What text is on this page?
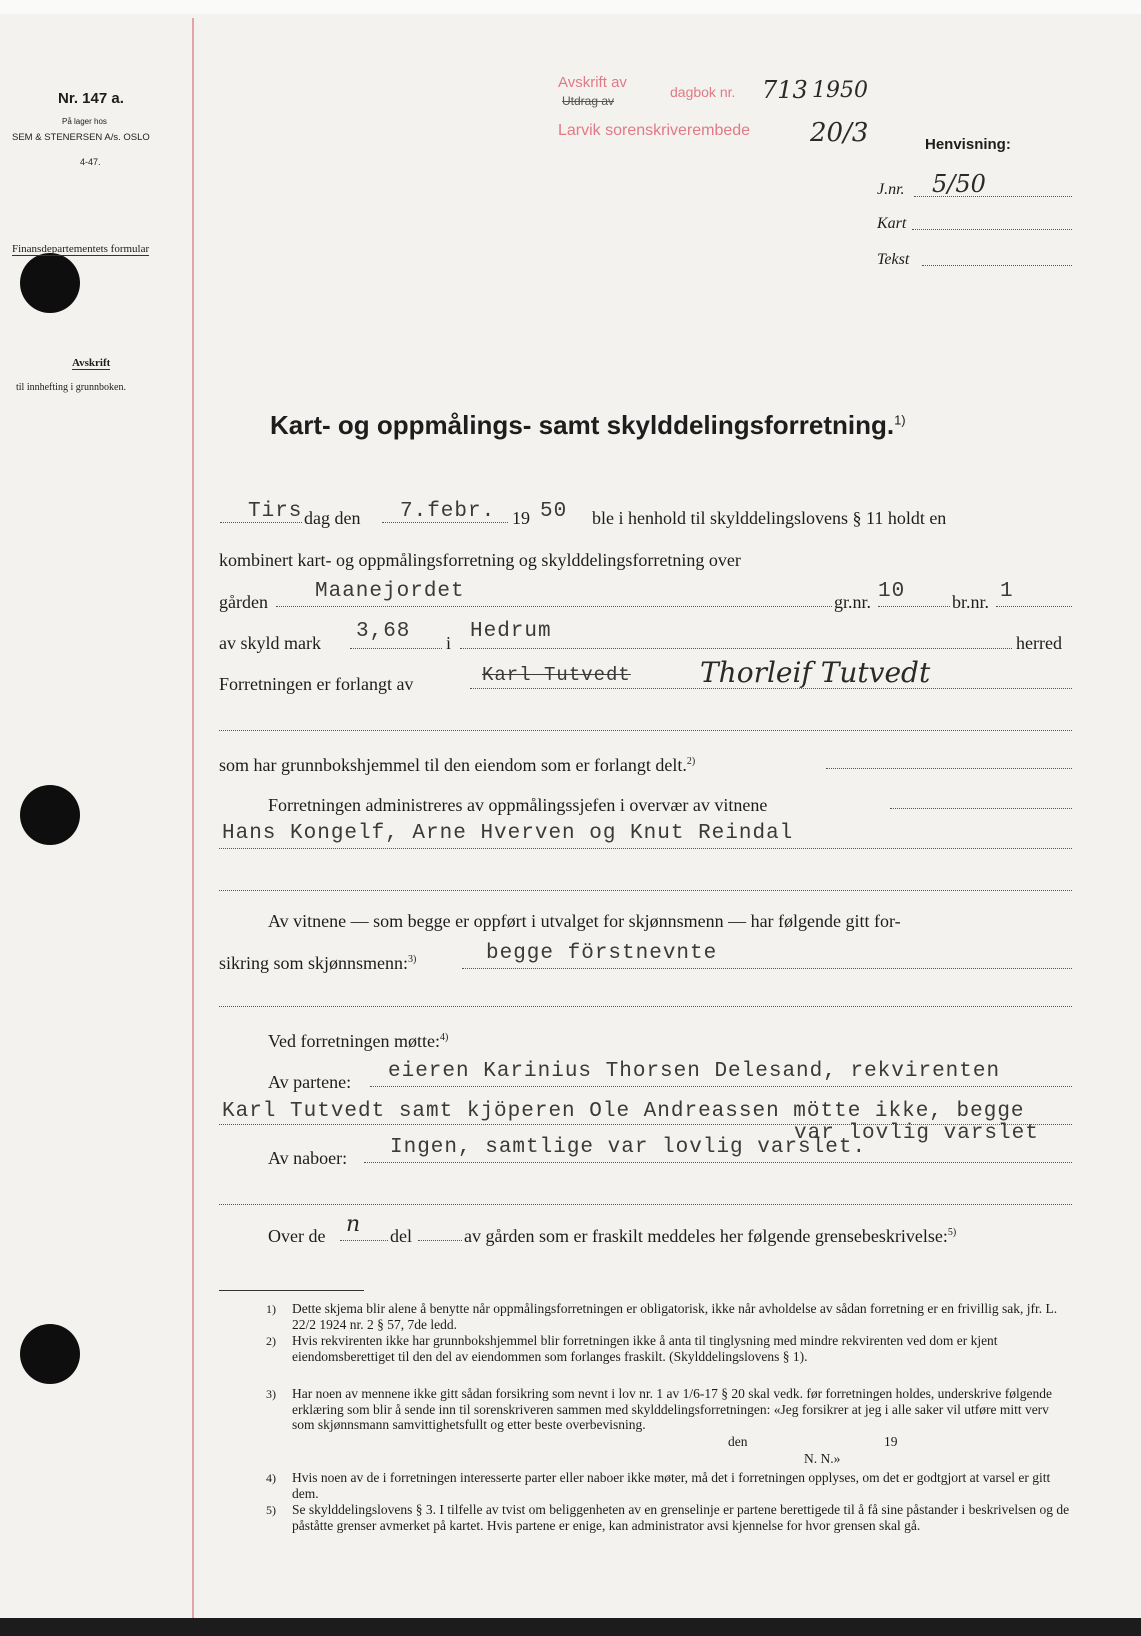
Nr. 147 a.
På lager hos
SEM & STENERSEN A/s. OSLO
4-47.
Finansdepartementets formular
Avskrift
til innhefting i grunnboken.
Avskrift av
Utdrag av
dagbok nr. 713 1950
Larvik sorenskriverembede 20/3	Henvisning:
J.nr. 5/50
Kart
Tekst
Kart- og oppmålings- samt skylddelingsforretning.$^{1)}$
Tirs dag den 7.febr. 19 50 ble i henhold til skylddelingslovens § 11 holdt en
kombinert kart- og oppmålingsforretning og skylddelingsforretning over
gården Maanejordet	gr.nr. 10	br.nr. 1
av skyld mark 3,68 i Hedrum	herred
Forretningen er forlangt av	Karl Tutvedt Thorleif Tutvedt
som har grunnbokshjemmel til den eiendom som er forlangt delt.$^{2)}$
Forretningen administreres av oppmålingssjefen i overvær av vitnene
Hans Kongelf, Arne Hverven og Knut Reindal
Av vitnene — som begge er oppført i utvalget for skjønnsmenn — har følgende gitt for-
sikring som skjønnsmenn:$^{3)}$	begge förstnevnte
Ved forretningen møtte:$^{4)}$
Av partene: eieren Karinius Thorsen Delesand, rekvirenten
Karl Tutvedt samt kjöperen Ole Andreassen mötte ikke, begge
var lovlig varslet
Av naboer: Ingen, samtlige var lovlig varslet.
Over de n del	av gården som er fraskilt meddeles her følgende grensebeskrivelse:$^{5)}$
1) Dette skjema blir alene å benytte når oppmålingsforretningen er obligatorisk, ikke når avholdelse av sådan forretning er en frivillig sak, jfr. L. 22/2 1924 nr. 2 § 57, 7de ledd.
2) Hvis rekvirenten ikke har grunnbokshjemmel blir forretningen ikke å anta til tinglysning med mindre rekvirenten ved dom er kjent eiendomsberettiget til den del av eiendommen som forlanges fraskilt. (Skylddelingslovens § 1).
3) Har noen av mennene ikke gitt sådan forsikring som nevnt i lov nr. 1 av 1/6-17 § 20 skal vedk. før forretningen holdes, underskrive følgende erklæring som blir å sende inn til sorenskriveren sammen med skylddelingsforretningen: «Jeg forsikrer at jeg i alle saker vil utføre mitt verv som skjønnsmann samvittighetsfullt og etter beste overbevisning.
den	19
N. N.»
4) Hvis noen av de i forretningen interesserte parter eller naboer ikke møter, må det i forretningen opplyses, om det er godtgjort at varsel er gitt dem.
5) Se skylddelingslovens § 3. I tilfelle av tvist om beliggenheten av en grenselinje er partene berettigede til å få sine påstander i beskrivelsen og de påståtte grenser avmerket på kartet. Hvis partene er enige, kan administrator avsi kjennelse for hvor grensen skal gå.
